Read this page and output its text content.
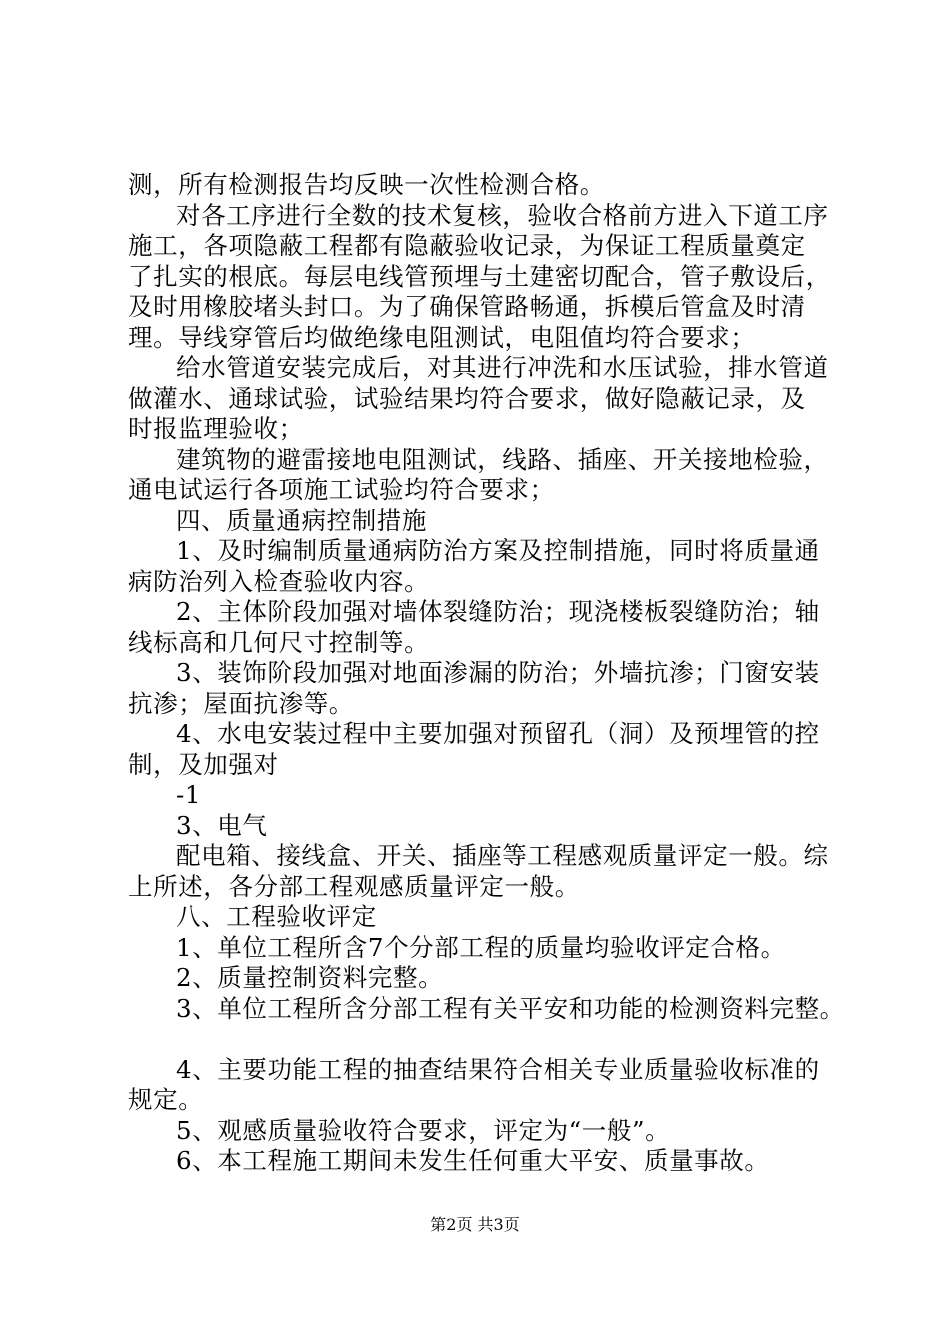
测，所有检测报告均反映一次性检测合格。
对各工序进行全数的技术复核，验收合格前方进入下道工序
施工，各项隐蔽工程都有隐蔽验收记录，为保证工程质量奠定
了扎实的根底。每层电线管预埋与土建密切配合，管子敷设后，
及时用橡胶堵头封口。为了确保管路畅通，拆模后管盒及时清
理。导线穿管后均做绝缘电阻测试，电阻值均符合要求；
给水管道安装完成后，对其进行冲洗和水压试验，排水管道
做灌水、通球试验，试验结果均符合要求，做好隐蔽记录，及
时报监理验收；
建筑物的避雷接地电阻测试，线路、插座、开关接地检验，
通电试运行各项施工试验均符合要求；
四、质量通病控制措施
1、及时编制质量通病防治方案及控制措施，同时将质量通
病防治列入检查验收内容。
2、主体阶段加强对墙体裂缝防治；现浇楼板裂缝防治；轴
线标高和几何尺寸控制等。
3、装饰阶段加强对地面渗漏的防治；外墙抗渗；门窗安装
抗渗；屋面抗渗等。
4、水电安装过程中主要加强对预留孔（洞）及预埋管的控
制，及加强对
-1
3、电气
配电箱、接线盒、开关、插座等工程感观质量评定一般。综
上所述，各分部工程观感质量评定一般。
八、工程验收评定
1、单位工程所含7个分部工程的质量均验收评定合格。
2、质量控制资料完整。
3、单位工程所含分部工程有关平安和功能的检测资料完整。
4、主要功能工程的抽查结果符合相关专业质量验收标准的
规定。
5、观感质量验收符合要求，评定为“一般”。
6、本工程施工期间未发生任何重大平安、质量事故。
第2页 共3页
